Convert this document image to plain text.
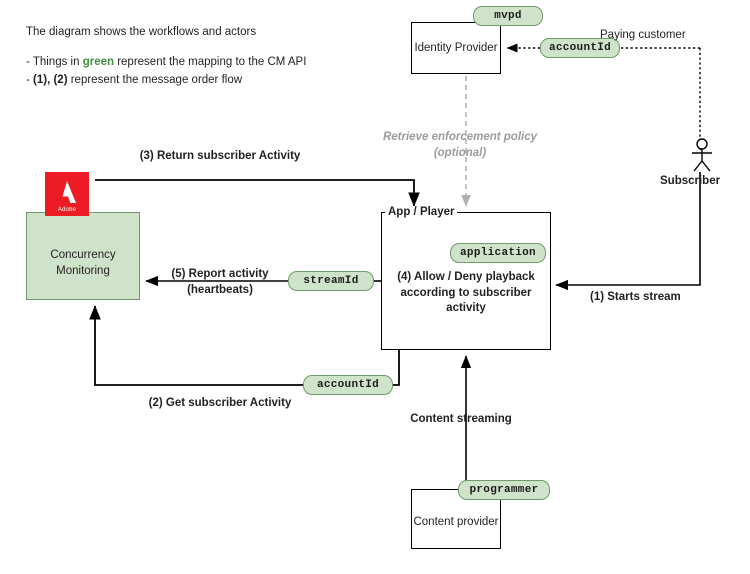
The diagram shows the workflows and actors
- Things in green represent the mapping to the CM API
- (1), (2) represent the message order flow
Identity Provider
mvpd
accountId
App / Player
(4) Allow / Deny playback according to subscriber activity
application
Concurrency Monitoring
Adobe
Content provider
programmer
streamId
accountId
(3) Return subscriber Activity
(5) Report activity (heartbeats)
(2) Get subscriber Activity
(1) Starts stream
Paying customer
Subscriber
Content streaming
Retrieve enforcement policy (optional)
